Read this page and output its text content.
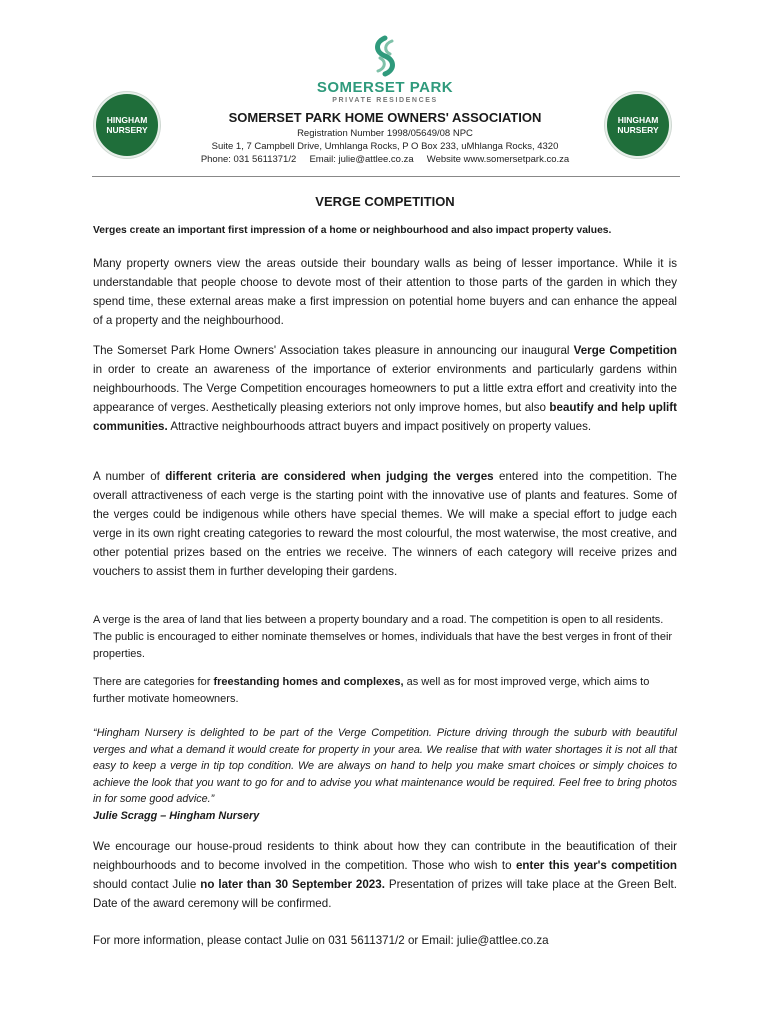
SOMERSET PARK
PRIVATE RESIDENCES
HINGHAM
NURSERY
HINGHAM
NURSERY
SOMERSET PARK HOME OWNERS' ASSOCIATION
Registration Number 1998/05649/08 NPC
Suite 1, 7 Campbell Drive, Umhlanga Rocks, P O Box 233, uMhlanga Rocks, 4320
Phone: 031 5611371/2     Email: julie@attlee.co.za     Website www.somersetpark.co.za
VERGE COMPETITION
Verges create an important first impression of a home or neighbourhood and also impact property values.

Many property owners view the areas outside their boundary walls as being of lesser importance. While it is understandable that people choose to devote most of their attention to those parts of the garden in which they spend time, these external areas make a first impression on potential home buyers and can enhance the appeal of a property and the neighbourhood.

The Somerset Park Home Owners' Association takes pleasure in announcing our inaugural Verge Competition in order to create an awareness of the importance of exterior environments and particularly gardens within neighbourhoods. The Verge Competition encourages homeowners to put a little extra effort and creativity into the appearance of verges. Aesthetically pleasing exteriors not only improve homes, but also beautify and help uplift communities. Attractive neighbourhoods attract buyers and impact positively on property values.

A number of different criteria are considered when judging the verges entered into the competition. The overall attractiveness of each verge is the starting point with the innovative use of plants and features. Some of the verges could be indigenous while others have special themes. We will make a special effort to judge each verge in its own right creating categories to reward the most colourful, the most waterwise, the most creative, and other potential prizes based on the entries we receive. The winners of each category will receive prizes and vouchers to assist them in further developing their gardens.

A verge is the area of land that lies between a property boundary and a road. The competition is open to all residents. The public is encouraged to either nominate themselves or homes, individuals that have the best verges in front of their properties.

There are categories for freestanding homes and complexes, as well as for most improved verge, which aims to further motivate homeowners.

“Hingham Nursery is delighted to be part of the Verge Competition. Picture driving through the suburb with beautiful verges and what a demand it would create for property in your area. We realise that with water shortages it is not all that easy to keep a verge in tip top condition. We are always on hand to help you make smart choices or simply choices to achieve the look that you want to go for and to advise you what maintenance would be required. Feel free to bring photos in for some good advice.”
Julie Scragg – Hingham Nursery

We encourage our house-proud residents to think about how they can contribute in the beautification of their neighbourhoods and to become involved in the competition. Those who wish to enter this year's competition should contact Julie no later than 30 September 2023. Presentation of prizes will take place at the Green Belt. Date of the award ceremony will be confirmed.

For more information, please contact Julie on 031 5611371/2 or Email: julie@attlee.co.za
